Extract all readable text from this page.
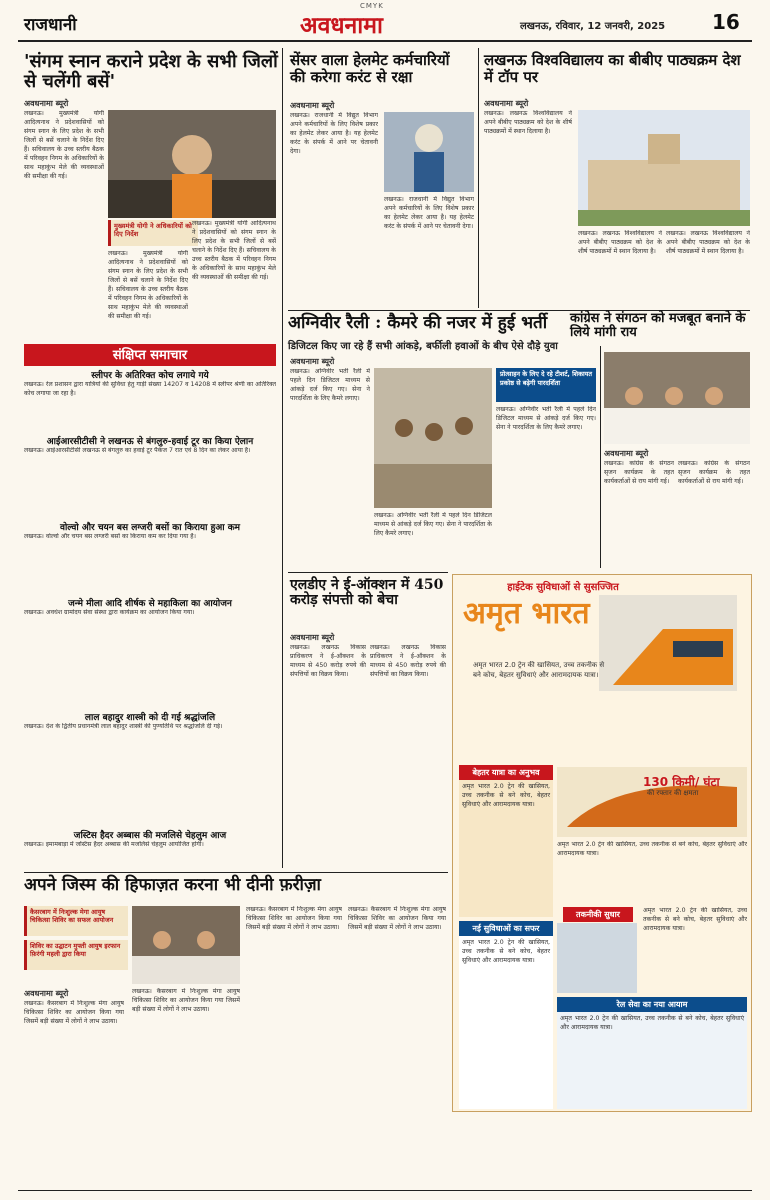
CMYK
राजधानी	अवधनामा	लखनऊ, रविवार, 12 जनवरी, 2025 16
'संगम स्नान कराने प्रदेश के सभी जिलों से चलेंगी बसें'
अवधनामा ब्यूरो
लखनऊ। मुख्यमंत्री योगी आदित्यनाथ ने प्रदेशवासियों को संगम स्नान के लिए प्रदेश के सभी जिलों से बसें चलाने के निर्देश दिए हैं। सचिवालय के उच्च स्तरीय बैठक में परिवहन निगम के अधिकारियों के साथ महाकुंभ मेले की व्यवस्थाओं की समीक्षा की गई।
मुख्यमंत्री योगी ने अधिकारियों को दिए निर्देश
लखनऊ। मुख्यमंत्री योगी आदित्यनाथ ने प्रदेशवासियों को संगम स्नान के लिए प्रदेश के सभी जिलों से बसें चलाने के निर्देश दिए हैं। सचिवालय के उच्च स्तरीय बैठक में परिवहन निगम के अधिकारियों के साथ महाकुंभ मेले की व्यवस्थाओं की समीक्षा की गई।
लखनऊ। मुख्यमंत्री योगी आदित्यनाथ ने प्रदेशवासियों को संगम स्नान के लिए प्रदेश के सभी जिलों से बसें चलाने के निर्देश दिए हैं। सचिवालय के उच्च स्तरीय बैठक में परिवहन निगम के अधिकारियों के साथ महाकुंभ मेले की व्यवस्थाओं की समीक्षा की गई।
संक्षिप्त समाचार
स्लीपर के अतिरिक्त कोच लगाये गये
लखनऊ। रेल प्रशासन द्वारा यात्रियों की सुविधा हेतु गाड़ी संख्या 14207 व 14208 में स्लीपर श्रेणी का अतिरिक्त कोच लगाया जा रहा है।
आईआरसीटीसी ने लखनऊ से बंगलुरु-हवाई टूर का किया ऐलान
लखनऊ। आईआरसीटीसी लखनऊ से बंगलुरु का हवाई टूर पैकेज 7 रात एवं 8 दिन का लेकर आया है।
वोल्वो और चयन बस लग्जरी बसों का किराया हुआ कम
लखनऊ। वोल्वो और चयन बस लग्जरी बसों का किराया कम कर दिया गया है।
जन्मे मीला आदि शीर्षक से महाकिला का आयोजन
लखनऊ। अवधेश ग्रामोदय सेवा संस्था द्वारा कार्यक्रम का आयोजन किया गया।
लाल बहादुर शास्त्री को दी गई श्रद्धांजलि
लखनऊ। देश के द्वितीय प्रधानमंत्री लाल बहादुर शास्त्री की पुण्यतिथि पर श्रद्धांजलि दी गई।
जस्टिस हैदर अब्बास की मजलिसे चेहलुम आज
लखनऊ। इमामबाड़ा में जस्टिस हैदर अब्बास की मजलिसे चेहलुम आयोजित होगी।
सेंसर वाला हेलमेट कर्मचारियों की करेगा करंट से रक्षा
अवधनामा ब्यूरो
लखनऊ। राजधानी में विद्युत विभाग अपने कर्मचारियों के लिए विशेष प्रकार का हेलमेट लेकर आया है। यह हेलमेट करंट के संपर्क में आने पर चेतावनी देगा।
लखनऊ। राजधानी में विद्युत विभाग अपने कर्मचारियों के लिए विशेष प्रकार का हेलमेट लेकर आया है। यह हेलमेट करंट के संपर्क में आने पर चेतावनी देगा।
लखनऊ विश्वविद्यालय का बीबीए पाठ्यक्रम देश में टॉप पर
अवधनामा ब्यूरो
लखनऊ। लखनऊ विश्वविद्यालय ने अपने बीबीए पाठ्यक्रम को देश के शीर्ष पाठ्यक्रमों में स्थान दिलाया है।
लखनऊ। लखनऊ विश्वविद्यालय ने अपने बीबीए पाठ्यक्रम को देश के शीर्ष पाठ्यक्रमों में स्थान दिलाया है।
लखनऊ। लखनऊ विश्वविद्यालय ने अपने बीबीए पाठ्यक्रम को देश के शीर्ष पाठ्यक्रमों में स्थान दिलाया है।
अग्निवीर रैली : कैमरे की नजर में हुई भर्ती
डिजिटल किए जा रहे हैं सभी आंकड़े, बर्फीली हवाओं के बीच ऐसे दौड़े युवा
अवधनामा ब्यूरो
लखनऊ। अग्निवीर भर्ती रैली में पहले दिन डिजिटल माध्यम से आंकड़े दर्ज किए गए। सेना ने पारदर्शिता के लिए कैमरे लगाए।
प्रोत्साहन के लिए दे रहे टीशर्ट, शिकायत प्रकोष्ठ से बढ़ेगी पारदर्शिता
लखनऊ। अग्निवीर भर्ती रैली में पहले दिन डिजिटल माध्यम से आंकड़े दर्ज किए गए। सेना ने पारदर्शिता के लिए कैमरे लगाए।
लखनऊ। अग्निवीर भर्ती रैली में पहले दिन डिजिटल माध्यम से आंकड़े दर्ज किए गए। सेना ने पारदर्शिता के लिए कैमरे लगाए।
कांग्रेस ने संगठन को मजबूत बनाने के लिये मांगी राय
अवधनामा ब्यूरो
लखनऊ। कांग्रेस के संगठन सृजन कार्यक्रम के तहत कार्यकर्ताओं से राय मांगी गई।
लखनऊ। कांग्रेस के संगठन सृजन कार्यक्रम के तहत कार्यकर्ताओं से राय मांगी गई।
एलडीए ने ई-ऑक्शन में 450 करोड़ संपत्ती को बेचा
अवधनामा ब्यूरो
लखनऊ। लखनऊ विकास प्राधिकरण ने ई-ऑक्शन के माध्यम से 450 करोड़ रुपये की संपत्तियों का विक्रय किया।
लखनऊ। लखनऊ विकास प्राधिकरण ने ई-ऑक्शन के माध्यम से 450 करोड़ रुपये की संपत्तियों का विक्रय किया।
हाईटेक सुविधाओं से सुसज्जित
अमृत भारत
अमृत भारत 2.0 ट्रेन की खासियत, उच्च तकनीक से बने कोच, बेहतर सुविधाएं और आरामदायक यात्रा।
बेहतर यात्रा का अनुभव
अमृत भारत 2.0 ट्रेन की खासियत, उच्च तकनीक से बने कोच, बेहतर सुविधाएं और आरामदायक यात्रा।
130 किमी/ घंटा
की रफ्तार की क्षमता
अमृत भारत 2.0 ट्रेन की खासियत, उच्च तकनीक से बने कोच, बेहतर सुविधाएं और आरामदायक यात्रा।
तकनीकी सुधार	अमृत भारत 2.0 ट्रेन की खासियत, उच्च तकनीक से बने कोच, बेहतर सुविधाएं और आरामदायक यात्रा।
नई सुविधाओं का सफर
अमृत भारत 2.0 ट्रेन की खासियत, उच्च तकनीक से बने कोच, बेहतर सुविधाएं और आरामदायक यात्रा।
रेल सेवा का नया आयाम
अमृत भारत 2.0 ट्रेन की खासियत, उच्च तकनीक से बने कोच, बेहतर सुविधाएं और आरामदायक यात्रा।
अपने जिस्म की हिफाज़त करना भी दीनी फ़रीज़ा
कैसरबाग में निःशुल्क मेगा आयुष चिकित्सा शिविर का सफल आयोजन
शिविर का उद्घाटन मुफ्ती आयुष इरफान फ़िरंगी महली द्वारा किया
अवधनामा ब्यूरो
लखनऊ। कैसरबाग में निःशुल्क मेगा आयुष चिकित्सा शिविर का आयोजन किया गया जिसमें बड़ी संख्या में लोगों ने लाभ उठाया।
लखनऊ। कैसरबाग में निःशुल्क मेगा आयुष चिकित्सा शिविर का आयोजन किया गया जिसमें बड़ी संख्या में लोगों ने लाभ उठाया।
लखनऊ। कैसरबाग में निःशुल्क मेगा आयुष चिकित्सा शिविर का आयोजन किया गया जिसमें बड़ी संख्या में लोगों ने लाभ उठाया।
लखनऊ। कैसरबाग में निःशुल्क मेगा आयुष चिकित्सा शिविर का आयोजन किया गया जिसमें बड़ी संख्या में लोगों ने लाभ उठाया।
